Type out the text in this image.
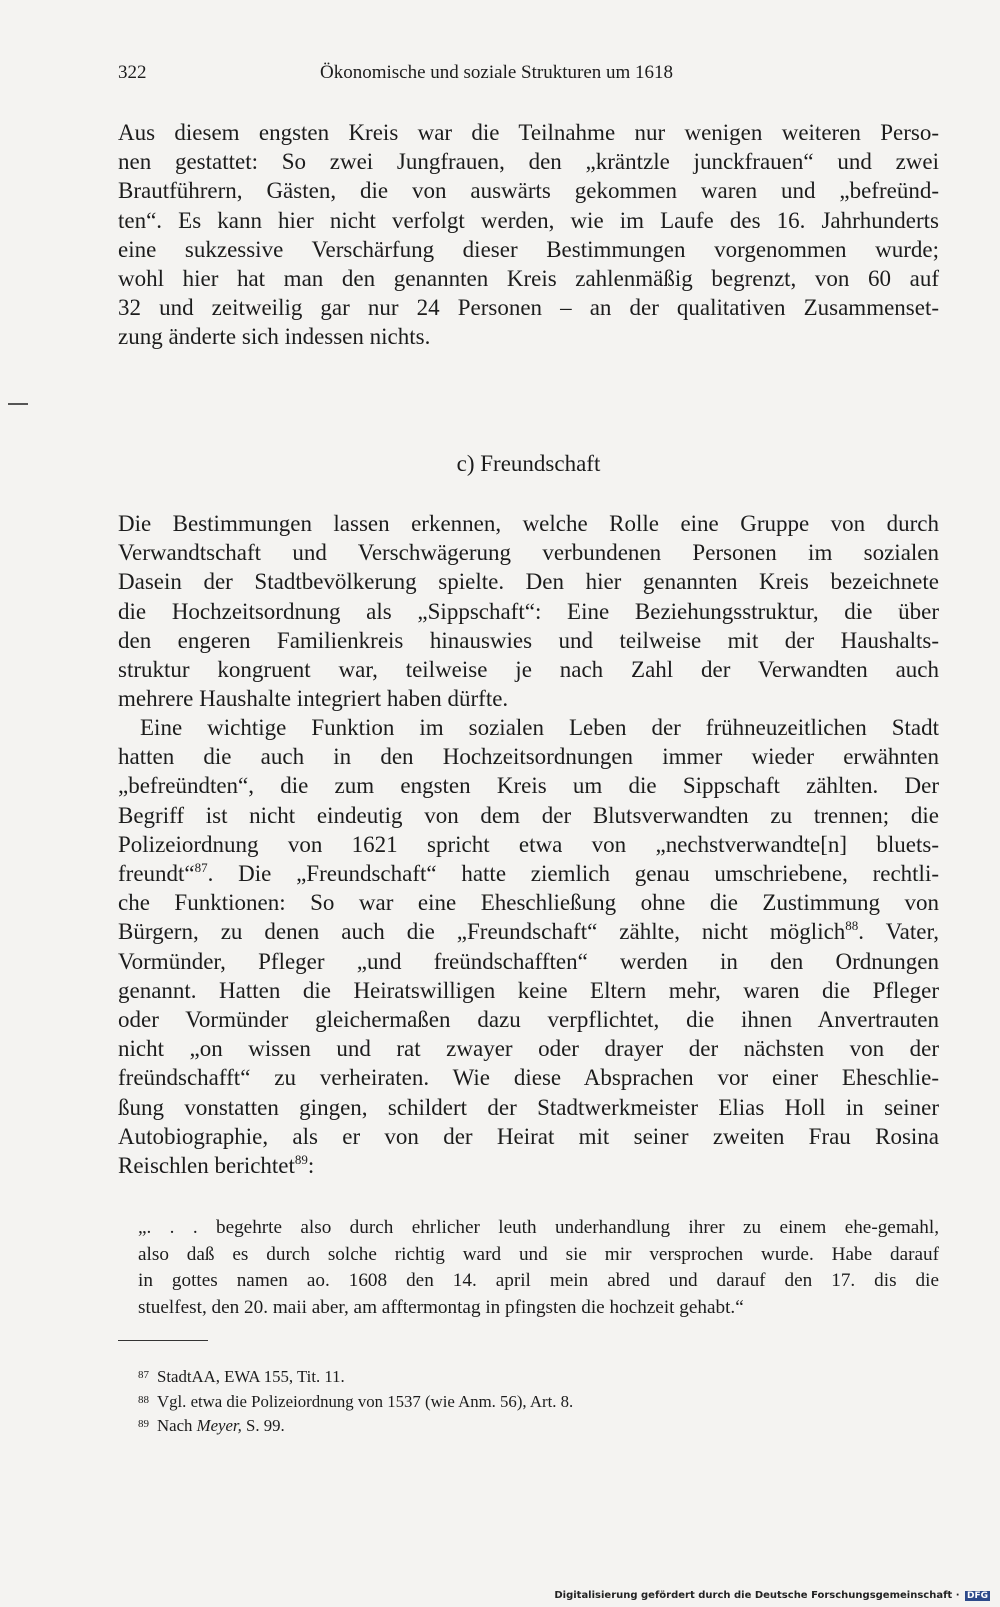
322	Ökonomische und soziale Strukturen um 1618
Aus diesem engsten Kreis war die Teilnahme nur wenigen weiteren Perso-
nen gestattet: So zwei Jungfrauen, den „kräntzle junckfrauen“ und zwei
Brautführern, Gästen, die von auswärts gekommen waren und „befreünd-
ten“. Es kann hier nicht verfolgt werden, wie im Laufe des 16. Jahrhunderts
eine sukzessive Verschärfung dieser Bestimmungen vorgenommen wurde;
wohl hier hat man den genannten Kreis zahlenmäßig begrenzt, von 60 auf
32 und zeitweilig gar nur 24 Personen – an der qualitativen Zusammenset-
zung änderte sich indessen nichts.
c) Freundschaft
Die Bestimmungen lassen erkennen, welche Rolle eine Gruppe von durch
Verwandtschaft und Verschwägerung verbundenen Personen im sozialen
Dasein der Stadtbevölkerung spielte. Den hier genannten Kreis bezeichnete
die Hochzeitsordnung als „Sippschaft“: Eine Beziehungsstruktur, die über
den engeren Familienkreis hinauswies und teilweise mit der Haushalts-
struktur kongruent war, teilweise je nach Zahl der Verwandten auch
mehrere Haushalte integriert haben dürfte.
Eine wichtige Funktion im sozialen Leben der frühneuzeitlichen Stadt
hatten die auch in den Hochzeitsordnungen immer wieder erwähnten
„befreündten“, die zum engsten Kreis um die Sippschaft zählten. Der
Begriff ist nicht eindeutig von dem der Blutsverwandten zu trennen; die
Polizeiordnung von 1621 spricht etwa von „nechstverwandte[n] bluets-
freundt“$^{87}$. Die „Freundschaft“ hatte ziemlich genau umschriebene, rechtli-
che Funktionen: So war eine Eheschließung ohne die Zustimmung von
Bürgern, zu denen auch die „Freundschaft“ zählte, nicht möglich$^{88}$. Vater,
Vormünder, Pfleger „und freündschafften“ werden in den Ordnungen
genannt. Hatten die Heiratswilligen keine Eltern mehr, waren die Pfleger
oder Vormünder gleichermaßen dazu verpflichtet, die ihnen Anvertrauten
nicht „on wissen und rat zwayer oder drayer der nächsten von der
freündschafft“ zu verheiraten. Wie diese Absprachen vor einer Eheschlie-
ßung vonstatten gingen, schildert der Stadtwerkmeister Elias Holl in seiner
Autobiographie, als er von der Heirat mit seiner zweiten Frau Rosina
Reischlen berichtet$^{89}$:
„. . . begehrte also durch ehrlicher leuth underhandlung ihrer zu einem ehe-gemahl,
also daß es durch solche richtig ward und sie mir versprochen wurde. Habe darauf
in gottes namen ao. 1608 den 14. april mein abred und darauf den 17. dis die
stuelfest, den 20. maii aber, am afftermontag in pfingsten die hochzeit gehabt.“
$^{87}$ StadtAA, EWA 155, Tit. 11.
$^{88}$ Vgl. etwa die Polizeiordnung von 1537 (wie Anm. 56), Art. 8.
$^{89}$ Nach Meyer, S. 99.
Digitalisierung gefördert durch die Deutsche Forschungsgemeinschaft · DFG
